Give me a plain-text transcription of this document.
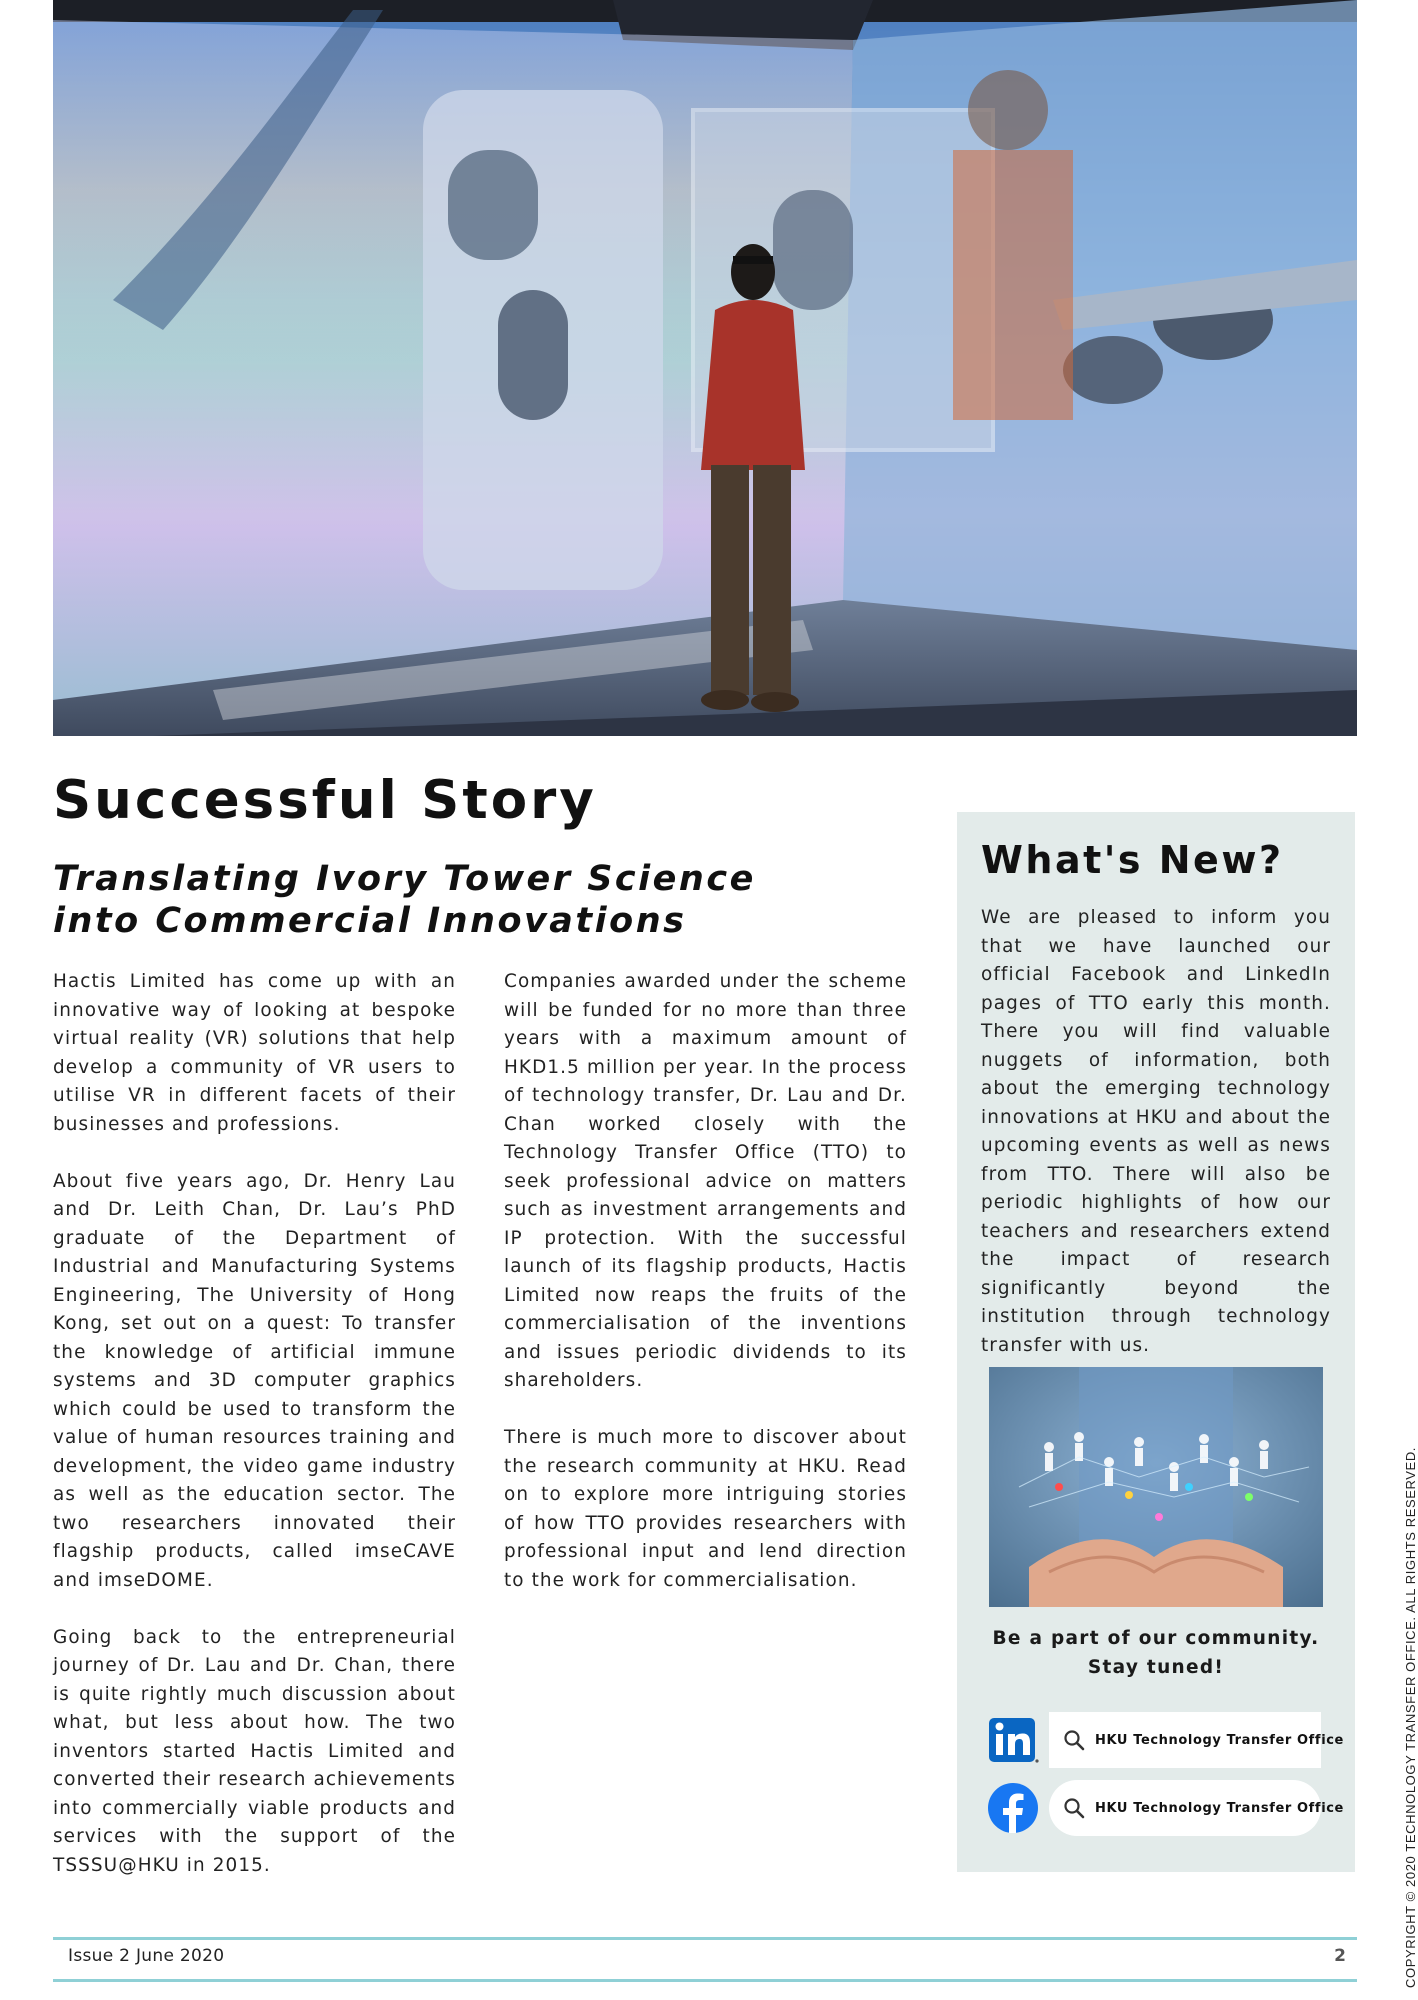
Successful Story
Translating Ivory Tower Science into Commercial Innovations

Hactis Limited has come up with an innovative way of looking at bespoke virtual reality (VR) solutions that help develop a community of VR users to utilise VR in different facets of their businesses and professions.

About five years ago, Dr. Henry Lau and Dr. Leith Chan, Dr. Lau’s PhD graduate of the Department of Industrial and Manufacturing Systems Engineering, The University of Hong Kong, set out on a quest: To transfer the knowledge of artificial immune systems and 3D computer graphics which could be used to transform the value of human resources training and development, the video game industry as well as the education sector. The two researchers innovated their flagship products, called imseCAVE and imseDOME.

Going back to the entrepreneurial journey of Dr. Lau and Dr. Chan, there is quite rightly much discussion about what, but less about how. The two inventors started Hactis Limited and converted their research achievements into commercially viable products and services with the support of the TSSSU@HKU in 2015.

Companies awarded under the scheme will be funded for no more than three years with a maximum amount of HKD1.5 million per year. In the process of technology transfer, Dr. Lau and Dr. Chan worked closely with the Technology Transfer Office (TTO) to seek professional advice on matters such as investment arrangements and IP protection. With the successful launch of its flagship products, Hactis Limited now reaps the fruits of the commercialisation of the inventions and issues periodic dividends to its shareholders.

There is much more to discover about the research community at HKU. Read on to explore more intriguing stories of how TTO provides researchers with professional input and lend direction to the work for commercialisation.

What's New?

We are pleased to inform you that we have launched our official Facebook and LinkedIn pages of TTO early this month. There you will find valuable nuggets of information, both about the emerging technology innovations at HKU and about the upcoming events as well as news from TTO. There will also be periodic highlights of how our teachers and researchers extend the impact of research significantly beyond the institution through technology transfer with us.

Be a part of our community.
Stay tuned!
HKU Technology Transfer Office
HKU Technology Transfer Office	COPYRIGHT © 2020 TECHNOLOGY TRANSFER OFFICE. ALL RIGHTS RESERVED.
Issue 2 June 2020	2
